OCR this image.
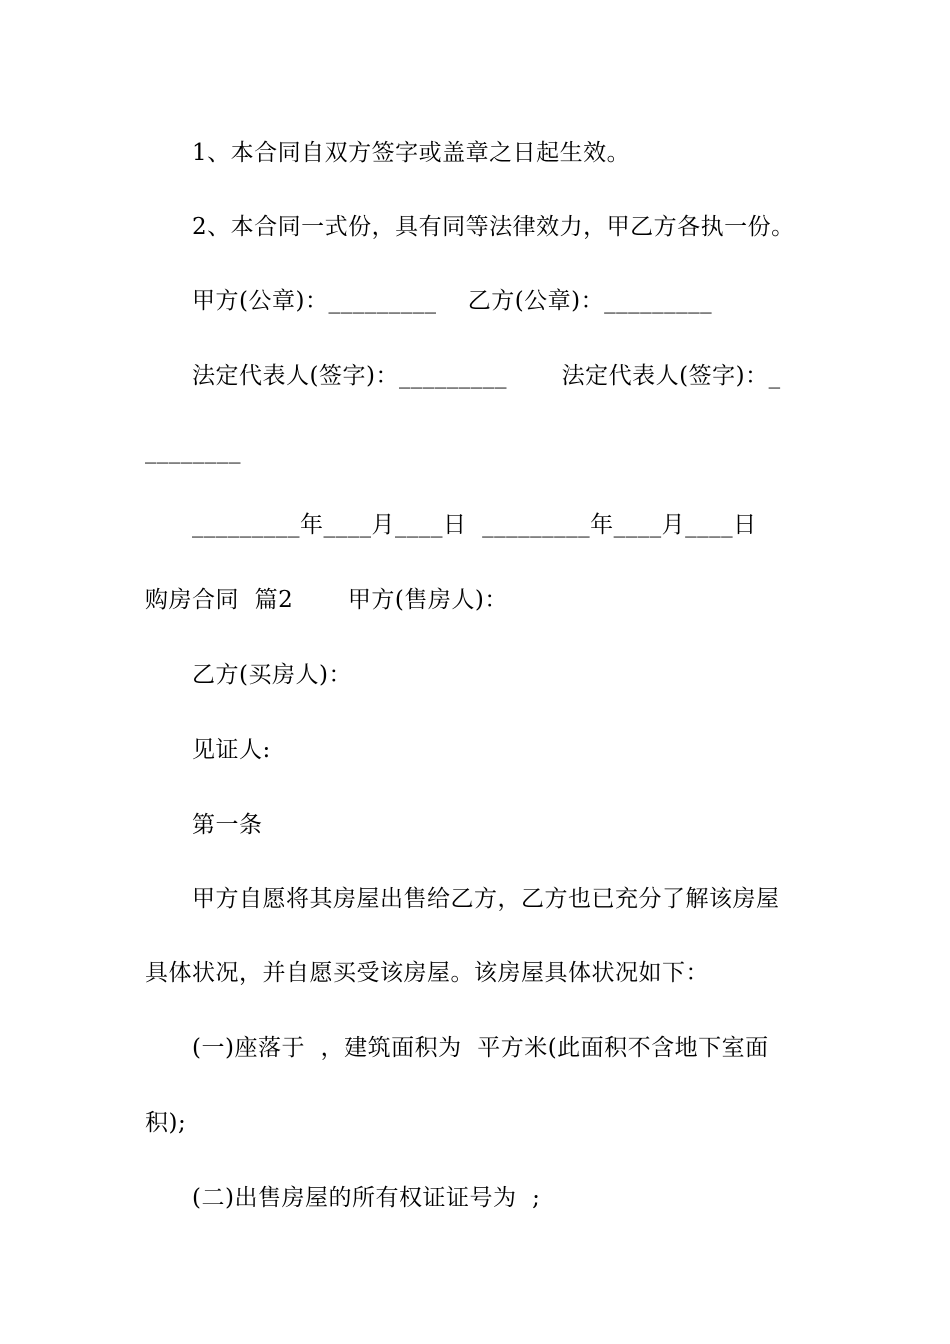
1、本合同自双方签字或盖章之日起生效。
2、本合同一式份，具有同等法律效力，甲乙方各执一份。
甲方(公章)：_________    乙方(公章)：_________
法定代表人(签字)：_________       法定代表人(签字)：_
________
_________年____月____日  _________年____月____日
购房合同  篇2       甲方(售房人)：
乙方(买房人)：
见证人:
第一条
甲方自愿将其房屋出售给乙方，乙方也已充分了解该房屋
具体状况，并自愿买受该房屋。该房屋具体状况如下：
(一)座落于  ，建筑面积为  平方米(此面积不含地下室面
积);
(二)出售房屋的所有权证证号为  ;
